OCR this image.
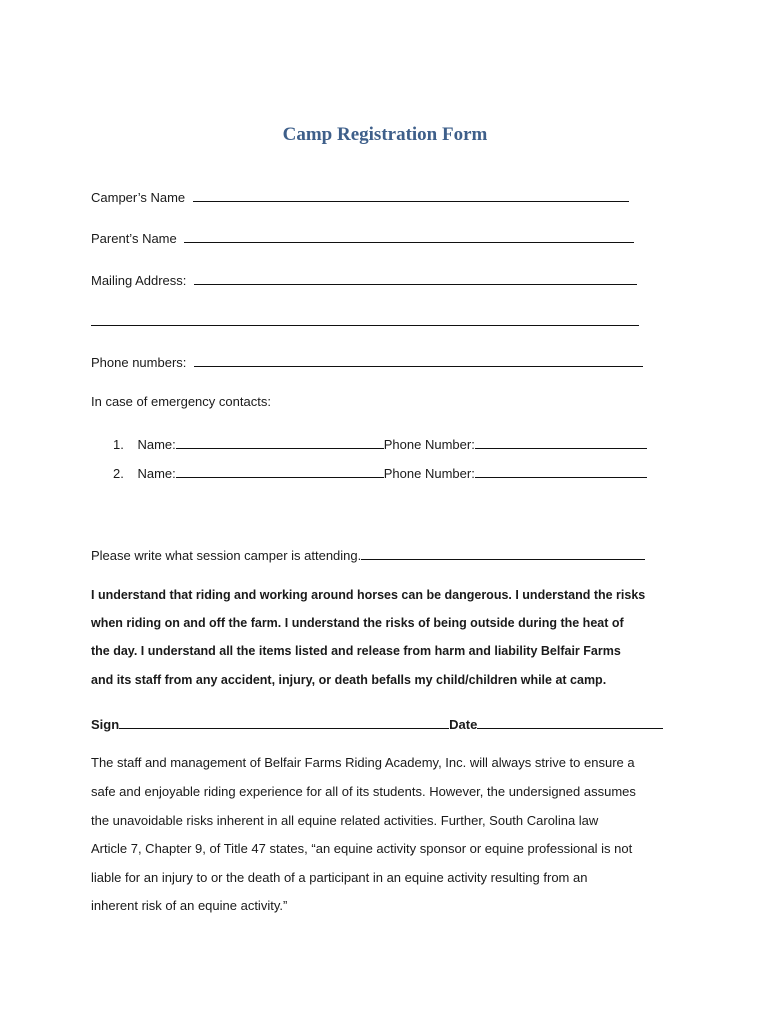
Camp Registration Form
Camper’s Name
Parent’s Name
Mailing Address:
Phone numbers:
In case of emergency contacts:
1. Name:	Phone Number:
2. Name:	Phone Number:
Please write what session camper is attending.
I understand that riding and working around horses can be dangerous. I understand the risks
when riding on and off the farm. I understand the risks of being outside during the heat of
the day. I understand all the items listed and release from harm and liability Belfair Farms
and its staff from any accident, injury, or death befalls my child/children while at camp.
Sign	Date
The staff and management of Belfair Farms Riding Academy, Inc. will always strive to ensure a
safe and enjoyable riding experience for all of its students. However, the undersigned assumes
the unavoidable risks inherent in all equine related activities. Further, South Carolina law
Article 7, Chapter 9, of Title 47 states, “an equine activity sponsor or equine professional is not
liable for an injury to or the death of a participant in an equine activity resulting from an
inherent risk of an equine activity.”
